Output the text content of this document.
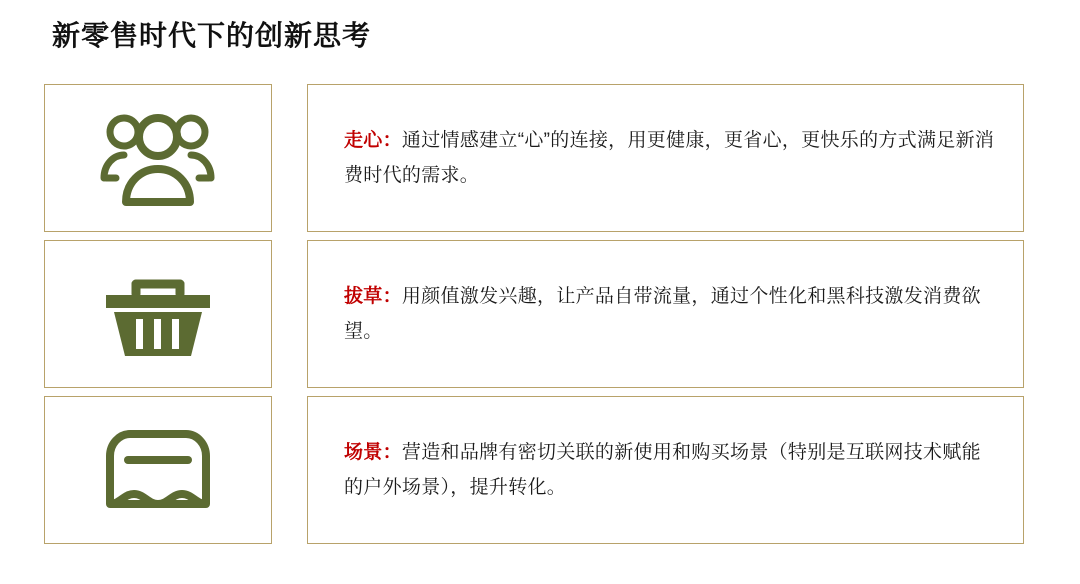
新零售时代下的创新思考
走心：通过情感建立“心”的连接，用更健康，更省心，更快乐的方式满足新消费时代的需求。
拔草：用颜值激发兴趣，让产品自带流量，通过个性化和黑科技激发消费欲望。
场景：营造和品牌有密切关联的新使用和购买场景（特别是互联网技术赋能的户外场景），提升转化。
